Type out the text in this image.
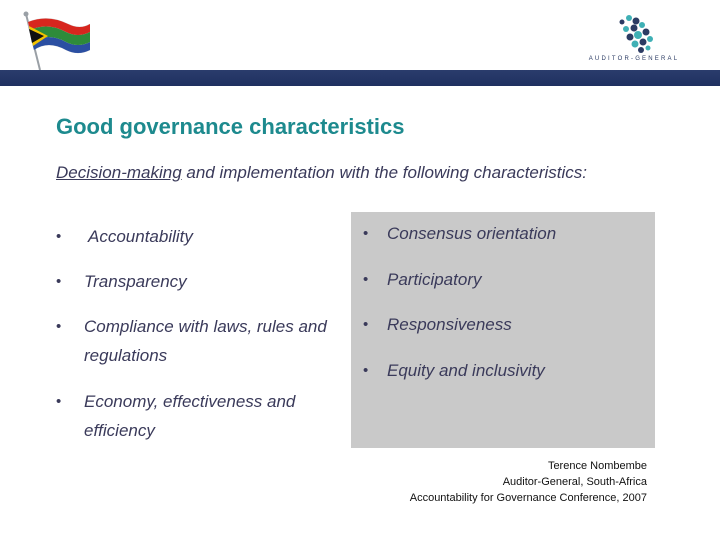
AUDITOR-GENERAL
Good governance characteristics
Decision-making and implementation with the following characteristics:
• Accountability
• Transparency
• Compliance with laws, rules and regulations
• Economy, effectiveness and efficiency
• Consensus orientation
• Participatory
• Responsiveness
• Equity and inclusivity
Terence Nombembe
Auditor-General, South-Africa
Accountability for Governance Conference, 2007
